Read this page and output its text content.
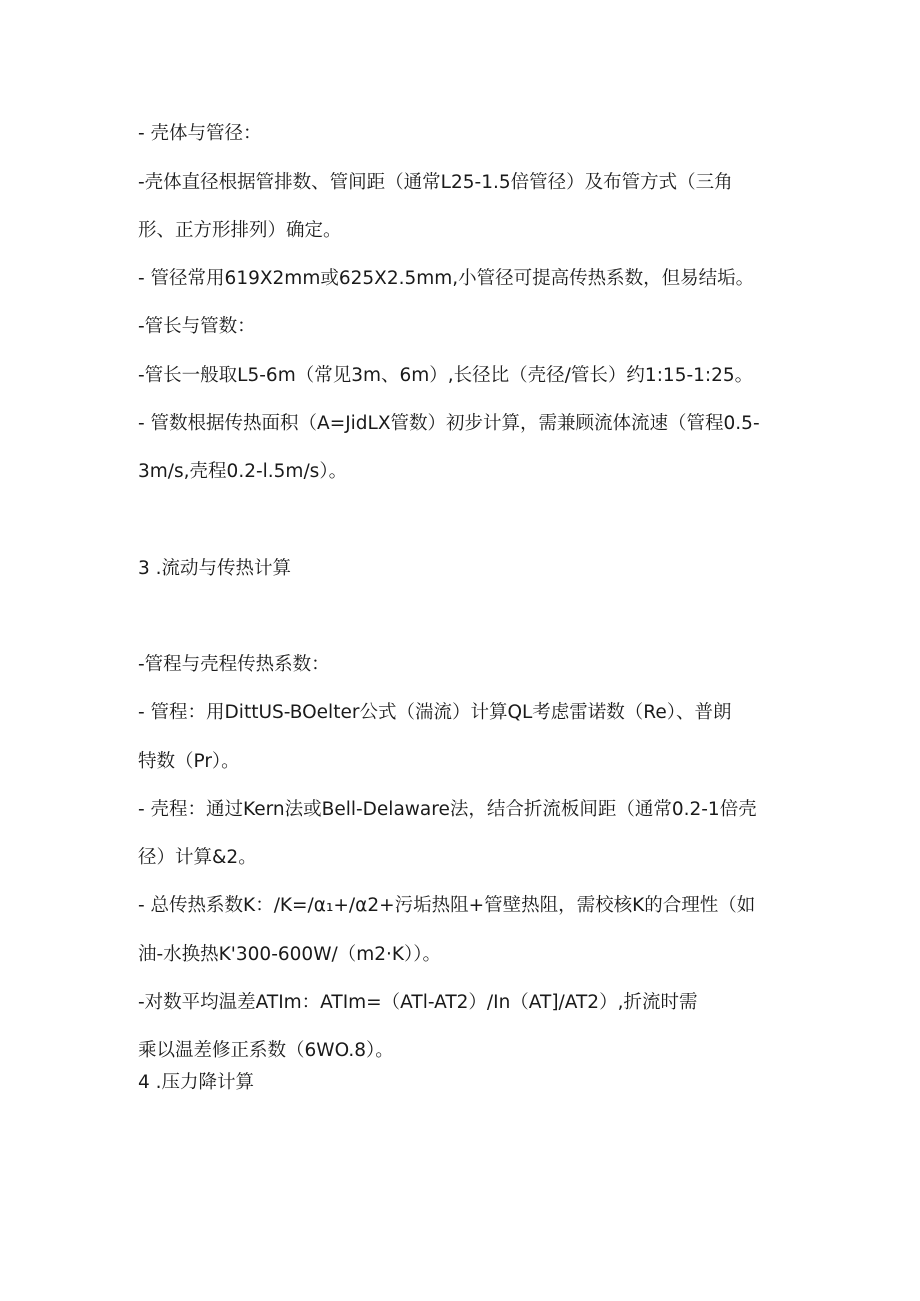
- 壳体与管径：
-壳体直径根据管排数、管间距（通常L25-1.5倍管径）及布管方式（三角
形、正方形排列）确定。
- 管径常用619X2mm或625X2.5mm,小管径可提高传热系数，但易结垢。
-管长与管数：
-管长一般取L5-6m（常见3m、6m）,长径比（壳径/管长）约1:15-1:25。
- 管数根据传热面积（A=JidLX管数）初步计算，需兼顾流体流速（管程0.5-
3m∕s,壳程0.2-l.5m/s）。
3 .流动与传热计算
-管程与壳程传热系数：
- 管程：用DittUS-BOelter公式（湍流）计算QL考虑雷诺数（Re）、普朗
特数（Pr）。
- 壳程：通过Kern法或Bell-Delaware法，结合折流板间距（通常0.2-1倍壳
径）计算&2。
- 总传热系数K：∕K=∕α₁+∕α2+污垢热阻+管壁热阻，需校核K的合理性（如
油-水换热K'300-600W∕（m2·K））。
-对数平均温差ATIm：ATIm=（ATl-AT2）/In（AT]/AT2）,折流时需
乘以温差修正系数（6WO.8）。
4 .压力降计算
